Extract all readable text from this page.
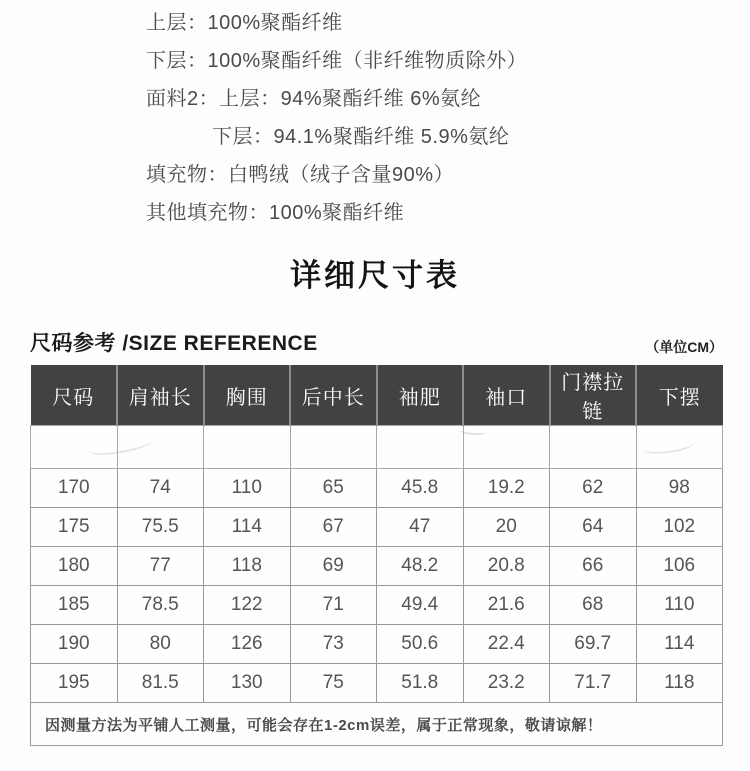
上层：100%聚酯纤维

下层：100%聚酯纤维（非纤维物质除外）

面料2：上层：94%聚酯纤维 6%氨纶

下层：94.1%聚酯纤维 5.9%氨纶

填充物：白鸭绒（绒子含量90%）

其他填充物：100%聚酯纤维

详细尺寸表
尺码参考 /SIZE REFERENCE	（单位CM）
尺码	肩袖长	胸围	后中长	袖肥	袖口	门襟拉链	下摆

170	74	110	65	45.8	19.2	62	98
175	75.5	114	67	47	20	64	102
180	77	118	69	48.2	20.8	66	106
185	78.5	122	71	49.4	21.6	68	110
190	80	126	73	50.6	22.4	69.7	114
195	81.5	130	75	51.8	23.2	71.7	118
因测量方法为平铺人工测量，可能会存在1-2cm误差，属于正常现象，敬请谅解！							
